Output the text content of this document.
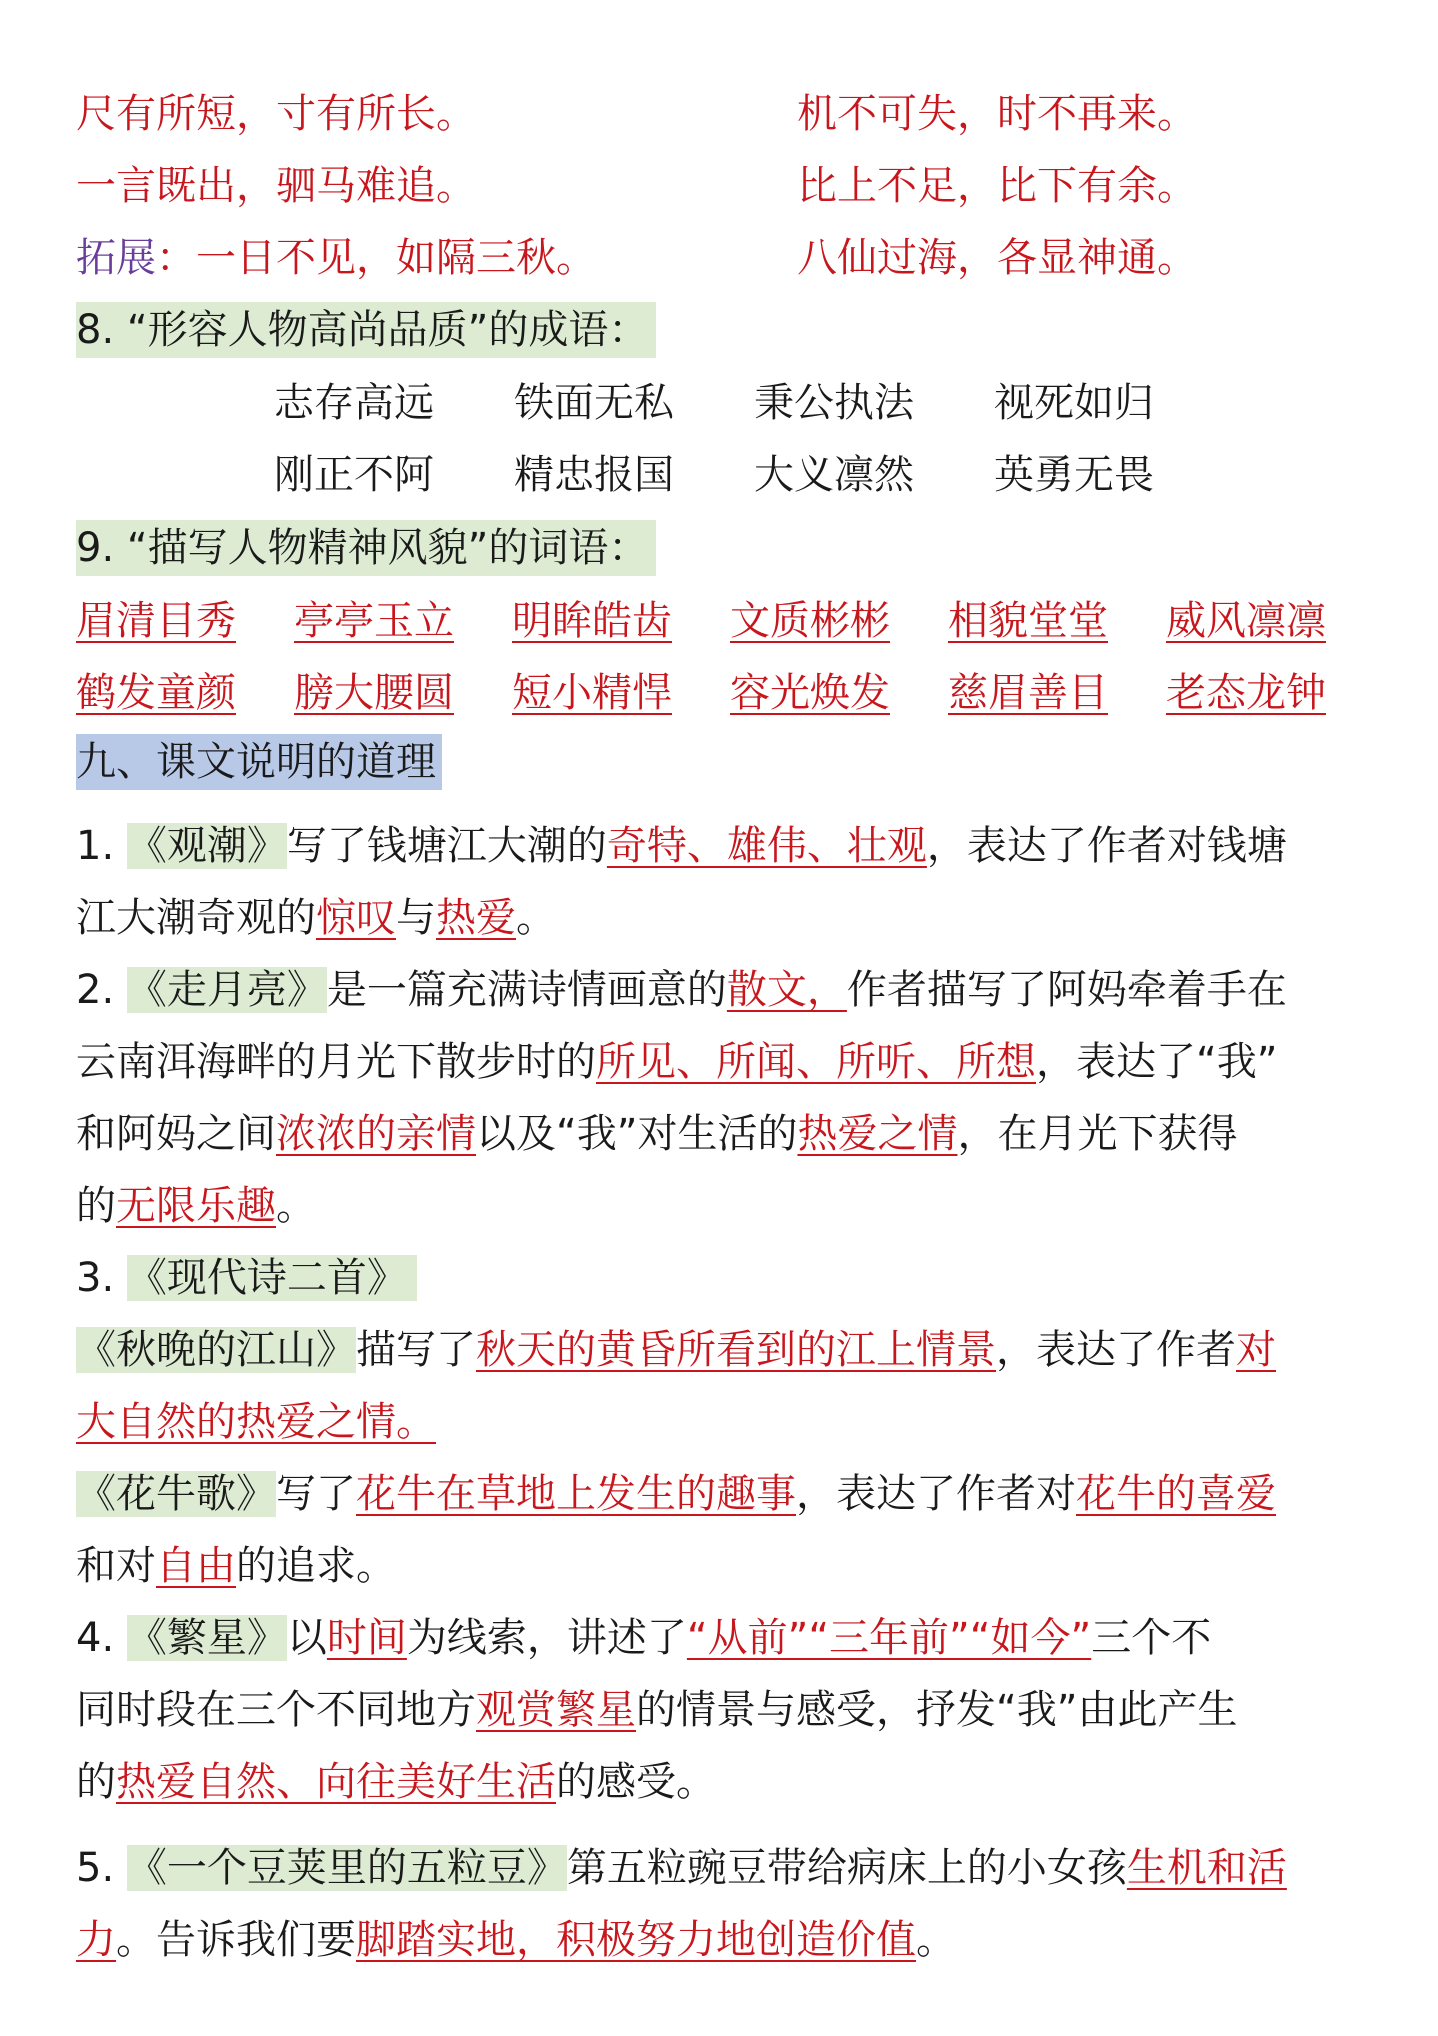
尺有所短，寸有所长。	机不可失，时不再来。
一言既出，驷马难追。	比上不足，比下有余。
拓展：一日不见，如隔三秋。	八仙过海，各显神通。
8. “形容人物高尚品质”的成语：
志存高远 铁面无私 秉公执法 视死如归
刚正不阿 精忠报国 大义凛然 英勇无畏
9. “描写人物精神风貌”的词语：
眉清目秀 亭亭玉立 明眸皓齿 文质彬彬 相貌堂堂 威风凛凛
鹤发童颜 膀大腰圆 短小精悍 容光焕发 慈眉善目 老态龙钟
九、课文说明的道理
1. 《观潮》写了钱塘江大潮的奇特、雄伟、壮观，表达了作者对钱塘
江大潮奇观的惊叹与热爱。
2. 《走月亮》是一篇充满诗情画意的散文，作者描写了阿妈牵着手在
云南洱海畔的月光下散步时的所见、所闻、所听、所想，表达了“我”
和阿妈之间浓浓的亲情以及“我”对生活的热爱之情，在月光下获得
的无限乐趣。
3. 《现代诗二首》
《秋晚的江山》描写了秋天的黄昏所看到的江上情景，表达了作者对
大自然的热爱之情。
《花牛歌》写了花牛在草地上发生的趣事，表达了作者对花牛的喜爱
和对自由的追求。
4. 《繁星》以时间为线索，讲述了“从前”“三年前”“如今”三个不
同时段在三个不同地方观赏繁星的情景与感受，抒发“我”由此产生
的热爱自然、向往美好生活的感受。
5. 《一个豆荚里的五粒豆》第五粒豌豆带给病床上的小女孩生机和活
力。告诉我们要脚踏实地，积极努力地创造价值。
